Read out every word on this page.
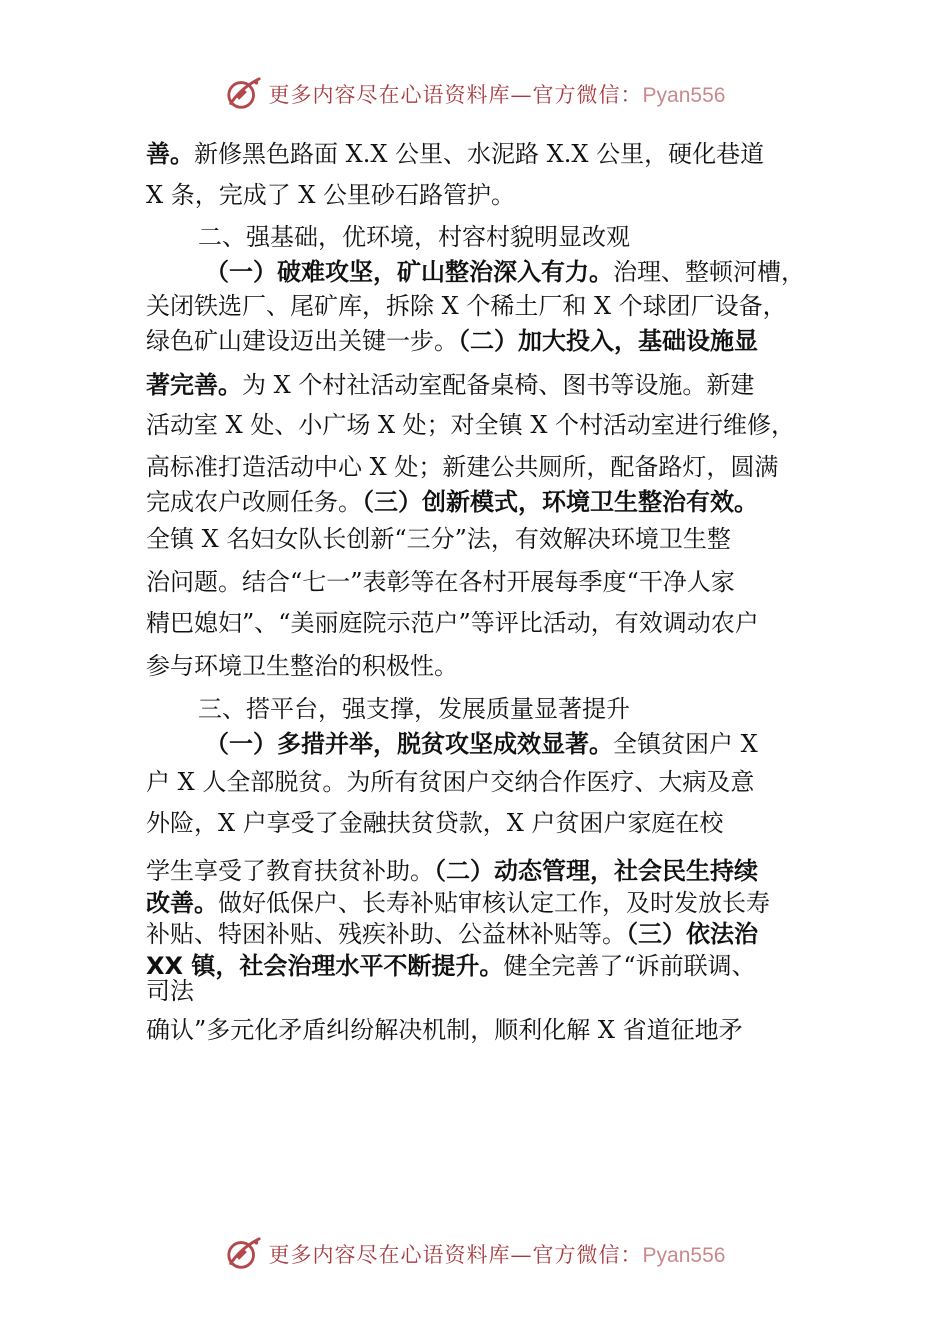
更多内容尽在心语资料库—官方微信：Pyan556
善。新修黑色路面 X.X 公里、水泥路 X.X 公里，硬化巷道
X 条，完成了 X 公里砂石路管护。
二、强基础，优环境，村容村貌明显改观
（一）破难攻坚，矿山整治深入有力。治理、整顿河槽，
关闭铁选厂、尾矿库，拆除 X 个稀土厂和 X 个球团厂设备，
绿色矿山建设迈出关键一步。（二）加大投入，基础设施显
著完善。为 X 个村社活动室配备桌椅、图书等设施。新建
活动室 X 处、小广场 X 处；对全镇 X 个村活动室进行维修，
高标准打造活动中心 X 处；新建公共厕所，配备路灯，圆满
完成农户改厕任务。（三）创新模式，环境卫生整治有效。
全镇 X 名妇女队长创新“三分”法，有效解决环境卫生整
治问题。结合“七一”表彰等在各村开展每季度“干净人家
精巴媳妇”、“美丽庭院示范户”等评比活动，有效调动农户
参与环境卫生整治的积极性。
三、搭平台，强支撑，发展质量显著提升
（一）多措并举，脱贫攻坚成效显著。全镇贫困户 X
户 X 人全部脱贫。为所有贫困户交纳合作医疗、大病及意
外险，X 户享受了金融扶贫贷款，X 户贫困户家庭在校
学生享受了教育扶贫补助。（二）动态管理，社会民生持续
改善。做好低保户、长寿补贴审核认定工作，及时发放长寿
补贴、特困补贴、残疾补助、公益林补贴等。（三）依法治
XX 镇，社会治理水平不断提升。健全完善了“诉前联调、
司法
确认”多元化矛盾纠纷解决机制，顺利化解 X 省道征地矛
更多内容尽在心语资料库—官方微信：Pyan556
